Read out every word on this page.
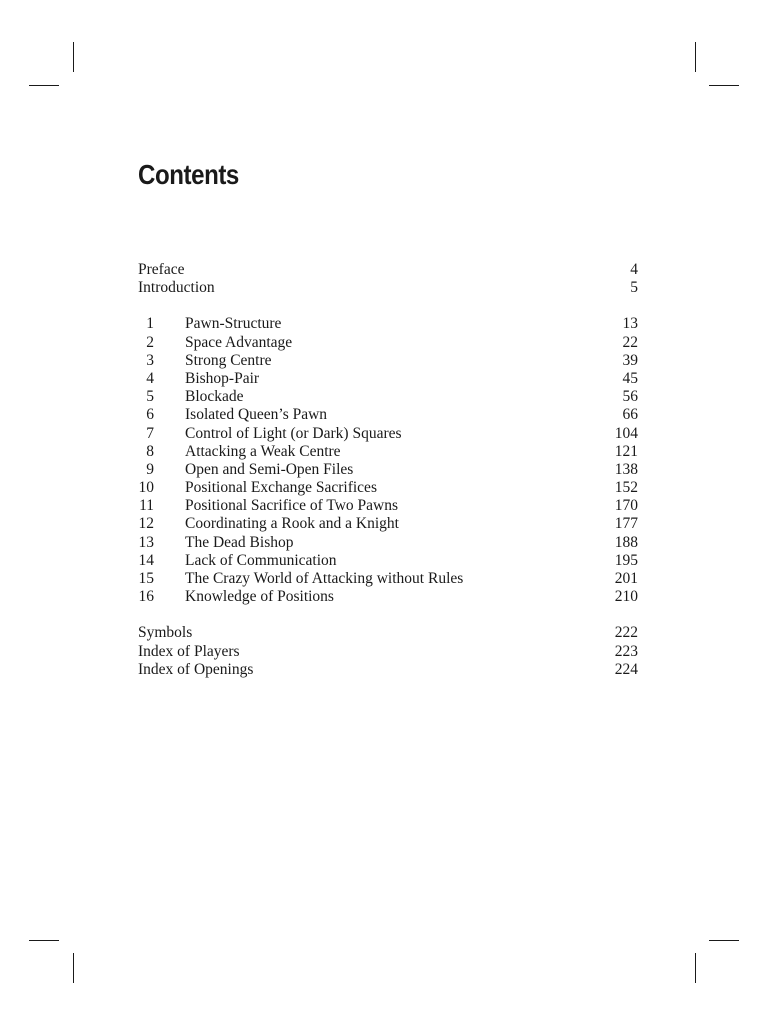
Contents
Preface	4
Introduction	5
1 Pawn-Structure	13
2 Space Advantage	22
3 Strong Centre	39
4 Bishop-Pair	45
5 Blockade	56
6 Isolated Queen’s Pawn	66
7 Control of Light (or Dark) Squares	104
8 Attacking a Weak Centre	121
9 Open and Semi-Open Files	138
10 Positional Exchange Sacrifices	152
11 Positional Sacrifice of Two Pawns	170
12 Coordinating a Rook and a Knight	177
13 The Dead Bishop	188
14 Lack of Communication	195
15 The Crazy World of Attacking without Rules	201
16 Knowledge of Positions	210
Symbols	222
Index of Players	223
Index of Openings	224
